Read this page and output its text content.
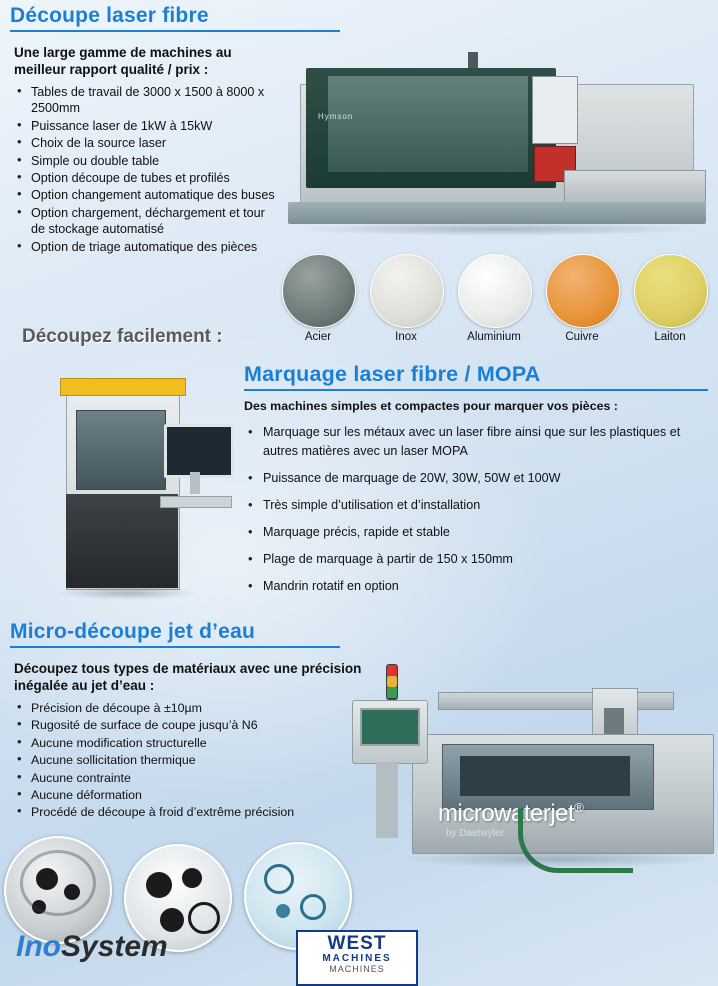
Découpe laser fibre
Une large gamme de machines au meilleur rapport qualité / prix :
• Tables de travail de 3000 x 1500 à 8000 x 2500mm
• Puissance laser de 1kW à 15kW
• Choix de la source laser
• Simple ou double table
• Option découpe de tubes et profilés
• Option changement automatique des buses
• Option chargement, déchargement et tour de stockage automatisé
• Option de triage automatique des pièces
Hymson
Acier	Inox	Aluminium	Cuivre	Laiton
Découpez facilement :
Marquage laser fibre / MOPA
Des machines simples et compactes pour marquer vos pièces :
• Marquage sur les métaux avec un laser fibre ainsi que sur les plastiques et autres matières avec un laser MOPA
• Puissance de marquage de 20W, 30W, 50W et 100W
• Très simple d’utilisation et d’installation
• Marquage précis, rapide et stable
• Plage de marquage à partir de 150 x 150mm
• Mandrin rotatif en option
Micro-découpe jet d’eau
Découpez tous types de matériaux avec une précision inégalée au jet d’eau :
• Précision de découpe à ±10µm
• Rugosité de surface de coupe jusqu’à N6
• Aucune modification structurelle
• Aucune sollicitation thermique
• Aucune contrainte
• Aucune déformation
• Procédé de découpe à froid d’extrême précision	microwaterjet®
by Daetwyler
InoSystem	WEST
MACHINES
MACHINES
